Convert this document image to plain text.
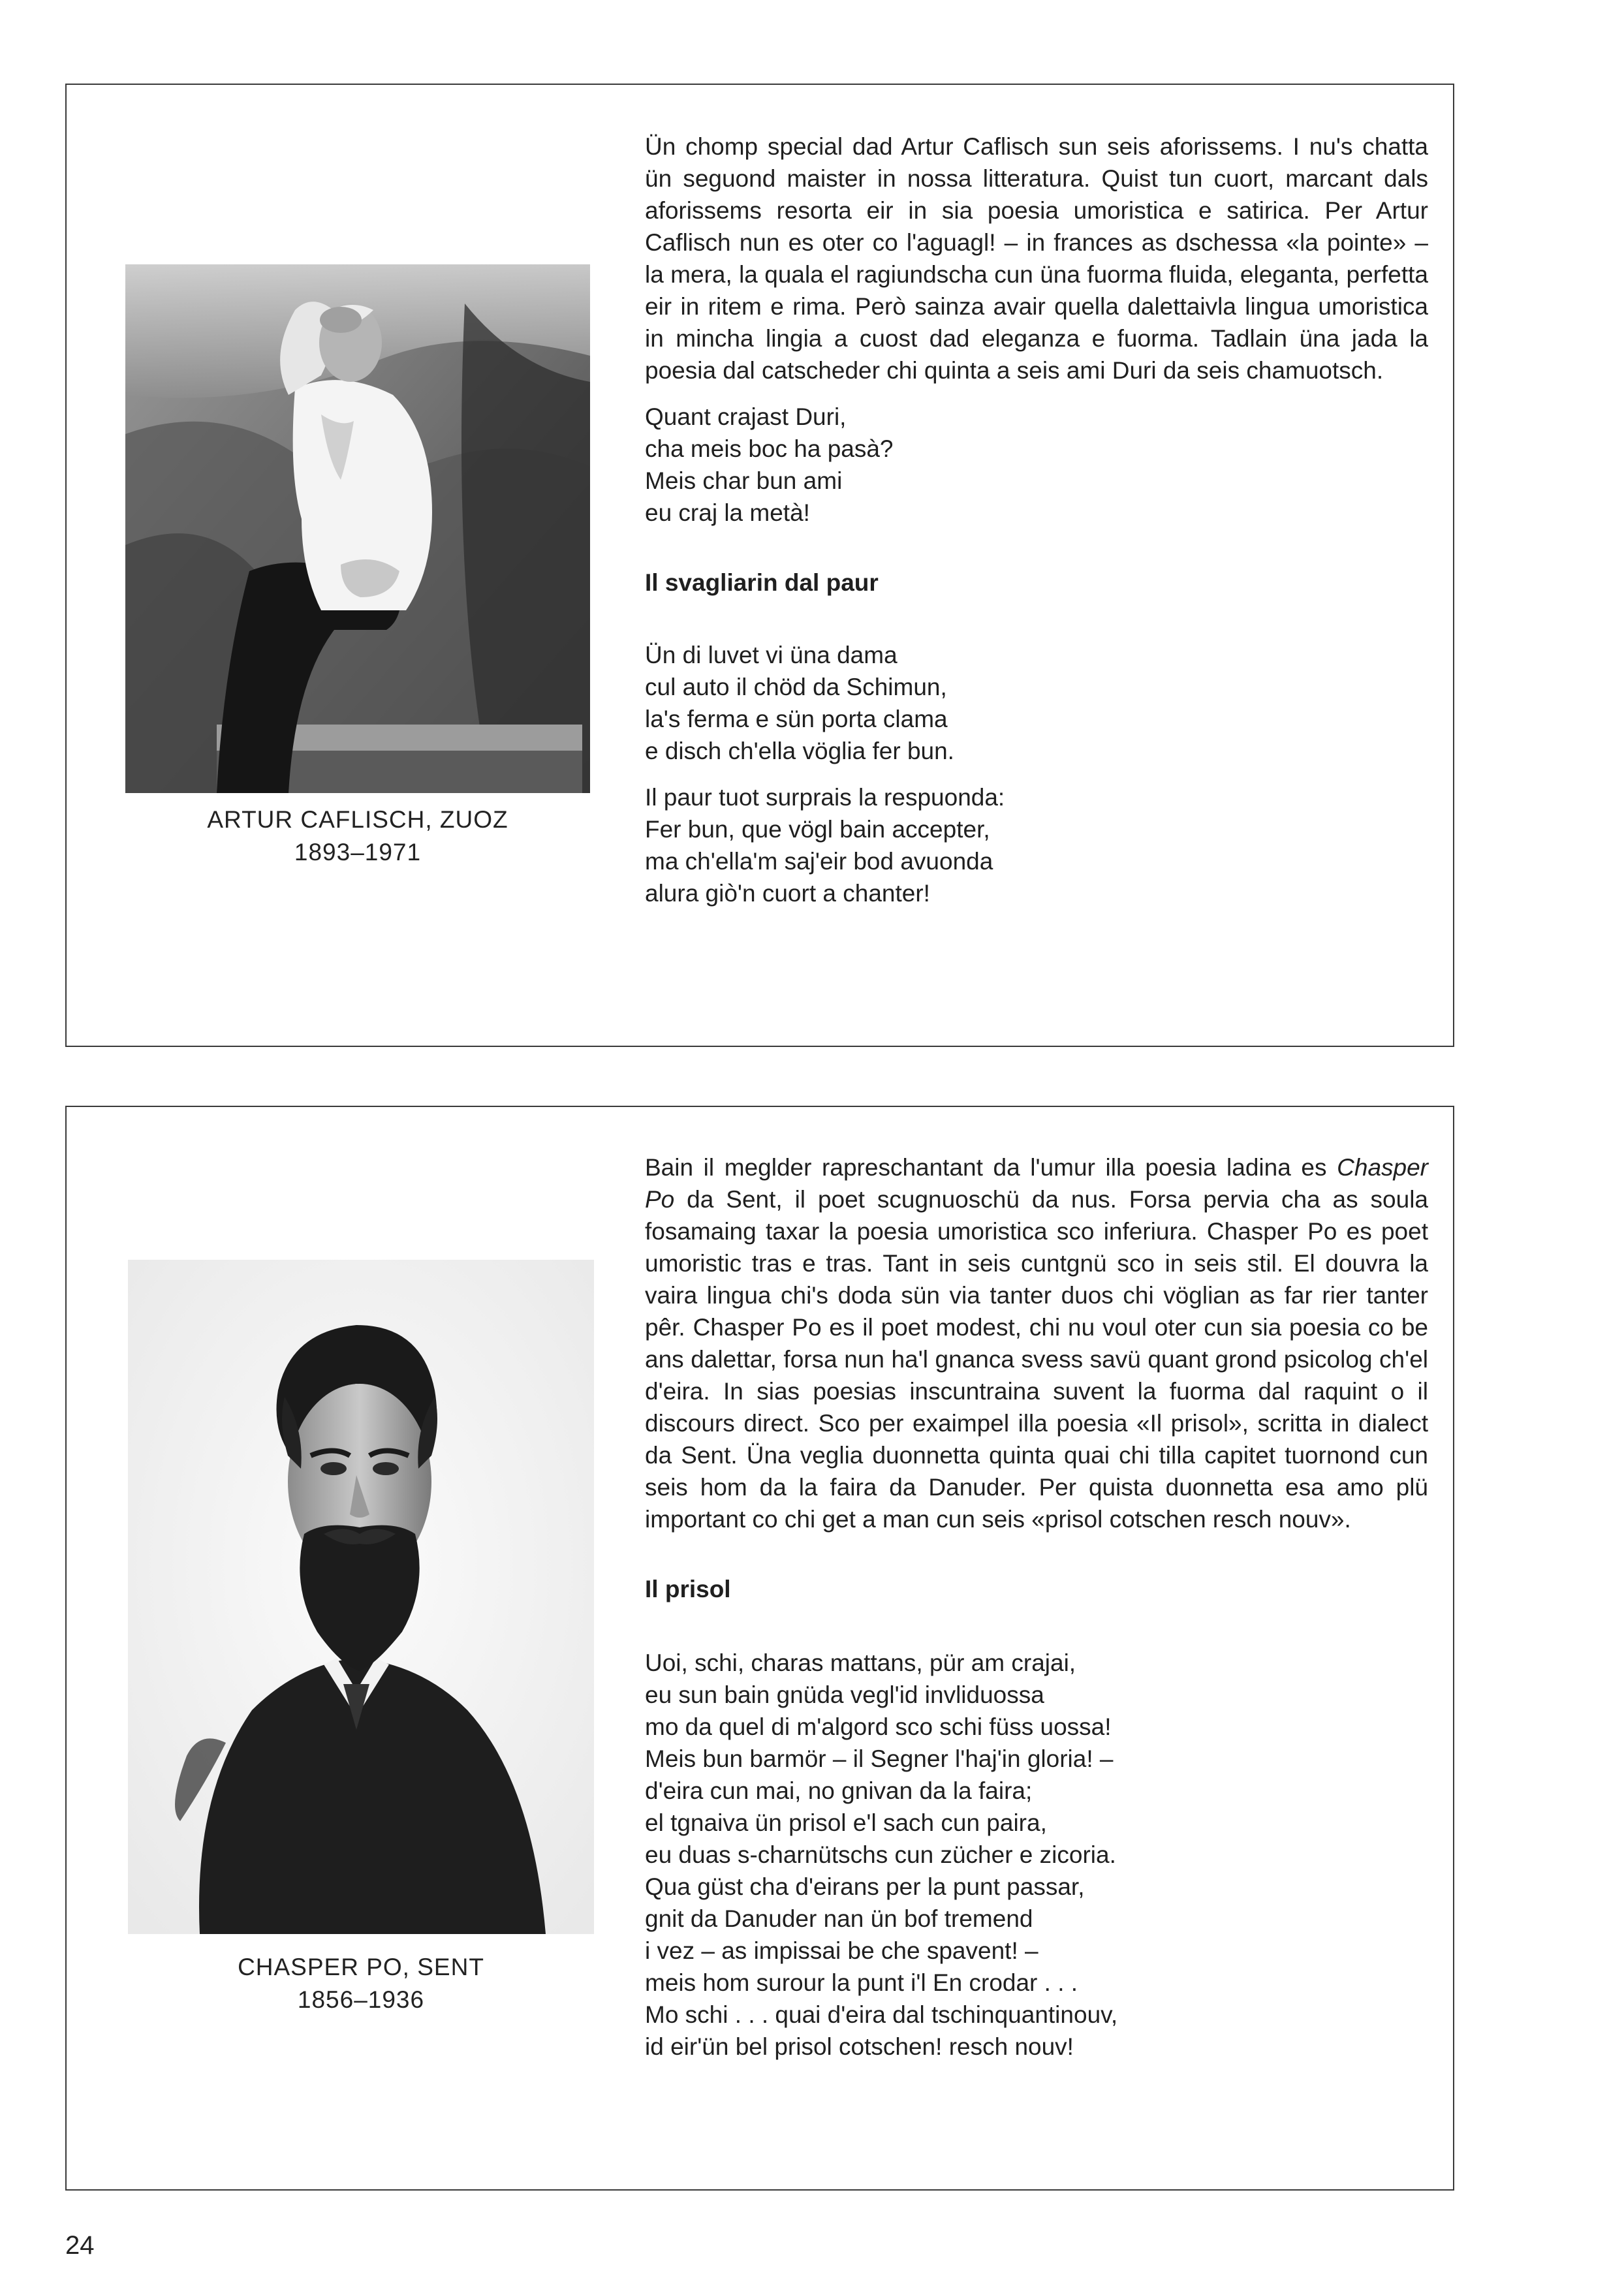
ARTUR CAFLISCH, ZUOZ
1893–1971

Ün chomp special dad Artur Caflisch sun seis aforissems. I nu's chatta ün seguond maister in nossa litteratura. Quist tun cuort, marcant dals aforissems resorta eir in sia poesia umoristica e satirica. Per Artur Caflisch nun es oter co l'aguagl! – in frances as dschessa «la pointe» – la mera, la quala el ragiundscha cun üna fuorma fluida, eleganta, perfetta eir in ritem e rima. Però sainza avair quella dalettaivla lingua umoristica in mincha lingia a cuost dad eleganza e fuorma. Tadlain üna jada la poesia dal catscheder chi quinta a seis ami Duri da seis chamuotsch.

Quant crajast Duri,
cha meis boc ha pasà?
Meis char bun ami
eu craj la metà!
Il svagliarin dal paur
Ün di luvet vi üna dama
cul auto il chöd da Schimun,
la's ferma e sün porta clama
e disch ch'ella vöglia fer bun.
Il paur tuot surprais la respuonda:
Fer bun, que vögl bain accepter,
ma ch'ella'm saj'eir bod avuonda
alura giò'n cuort a chanter!
CHASPER PO, SENT
1856–1936

Bain il meglder rapreschantant da l'umur illa poesia ladina es Chasper Po da Sent, il poet scugnuoschü da nus. Forsa pervia cha as soula fosamaing taxar la poesia umoristica sco inferiura. Chasper Po es poet umoristic tras e tras. Tant in seis cuntgnü sco in seis stil. El douvra la vaira lingua chi's doda sün via tanter duos chi vöglian as far rier tanter pêr. Chasper Po es il poet modest, chi nu voul oter cun sia poesia co be ans dalettar, forsa nun ha'l gnanca svess savü quant grond psicolog ch'el d'eira. In sias poesias inscuntraina suvent la fuorma dal raquint o il discours direct. Sco per exaimpel illa poesia «Il prisol», scritta in dialect da Sent. Üna veglia duonnetta quinta quai chi tilla capitet tuornond cun seis hom da la faira da Danuder. Per quista duonnetta esa amo plü important co chi get a man cun seis «prisol cotschen resch nouv».

Il prisol
Uoi, schi, charas mattans, pür am crajai,
eu sun bain gnüda vegl'id invliduossa
mo da quel di m'algord sco schi füss uossa!
Meis bun barmör – il Segner l'haj'in gloria! –
d'eira cun mai, no gnivan da la faira;
el tgnaiva ün prisol e'l sach cun paira,
eu duas s-charnütschs cun zücher e zicoria.
Qua güst cha d'eirans per la punt passar,
gnit da Danuder nan ün bof tremend
i vez – as impissai be che spavent! –
meis hom surour la punt i'l En crodar . . .
Mo schi . . . quai d'eira dal tschinquantinouv,
id eir'ün bel prisol cotschen! resch nouv!
24
